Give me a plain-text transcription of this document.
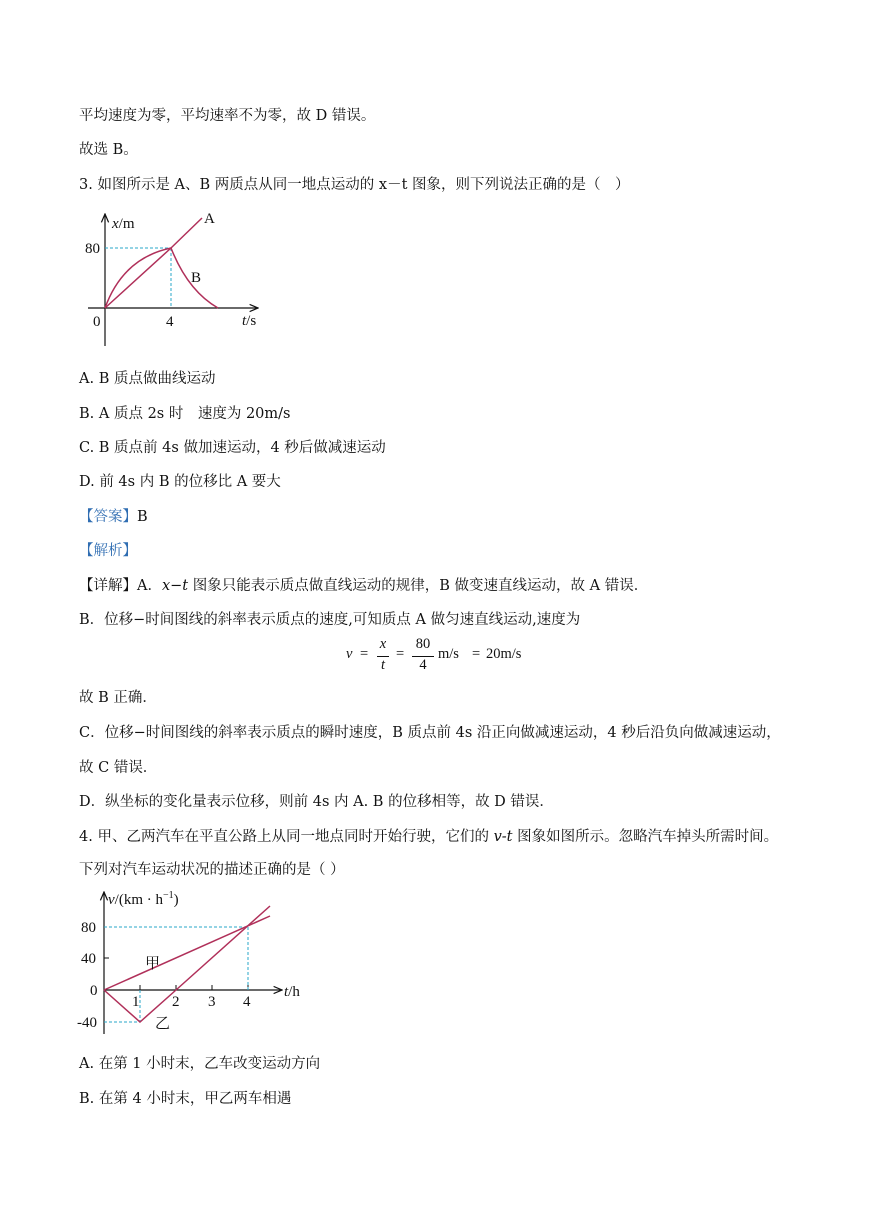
平均速度为零，平均速率不为零，故 D 错误。
故选 B。
3. 如图所示是 A、B 两质点从同一地点运动的 x－t 图象，则下列说法正确的是（　）
x/m
t/s
80
4
0
A
B
A. B 质点做曲线运动
B. A 质点 2s 时　速度为 20m/s
C. B 质点前 4s 做加速运动，4 秒后做减速运动
D. 前 4s 内 B 的位移比 A 要大
【答案】B
【解析】
【详解】A．x−t 图象只能表示质点做直线运动的规律，B 做变速直线运动，故 A 错误．
B．位移−时间图线的斜率表示质点的速度,可知质点 A 做匀速直线运动,速度为
v =
x
t
=
80
4
m/s = 20m/s
故 B 正确．
C．位移−时间图线的斜率表示质点的瞬时速度，B 质点前 4s 沿正向做减速运动，4 秒后沿负向做减速运动，
故 C 错误．
D．纵坐标的变化量表示位移，则前 4s 内 A. B 的位移相等，故 D 错误．
4. 甲、乙两汽车在平直公路上从同一地点同时开始行驶，它们的 v-t 图象如图所示。忽略汽车掉头所需时间。
下列对汽车运动状况的描述正确的是（ ）
$v/(km \cdot h^{-1})$
t/h
80
40
0
-40
1 2 3 4
甲
乙
A. 在第 1 小时末，乙车改变运动方向
B. 在第 4 小时末，甲乙两车相遇
